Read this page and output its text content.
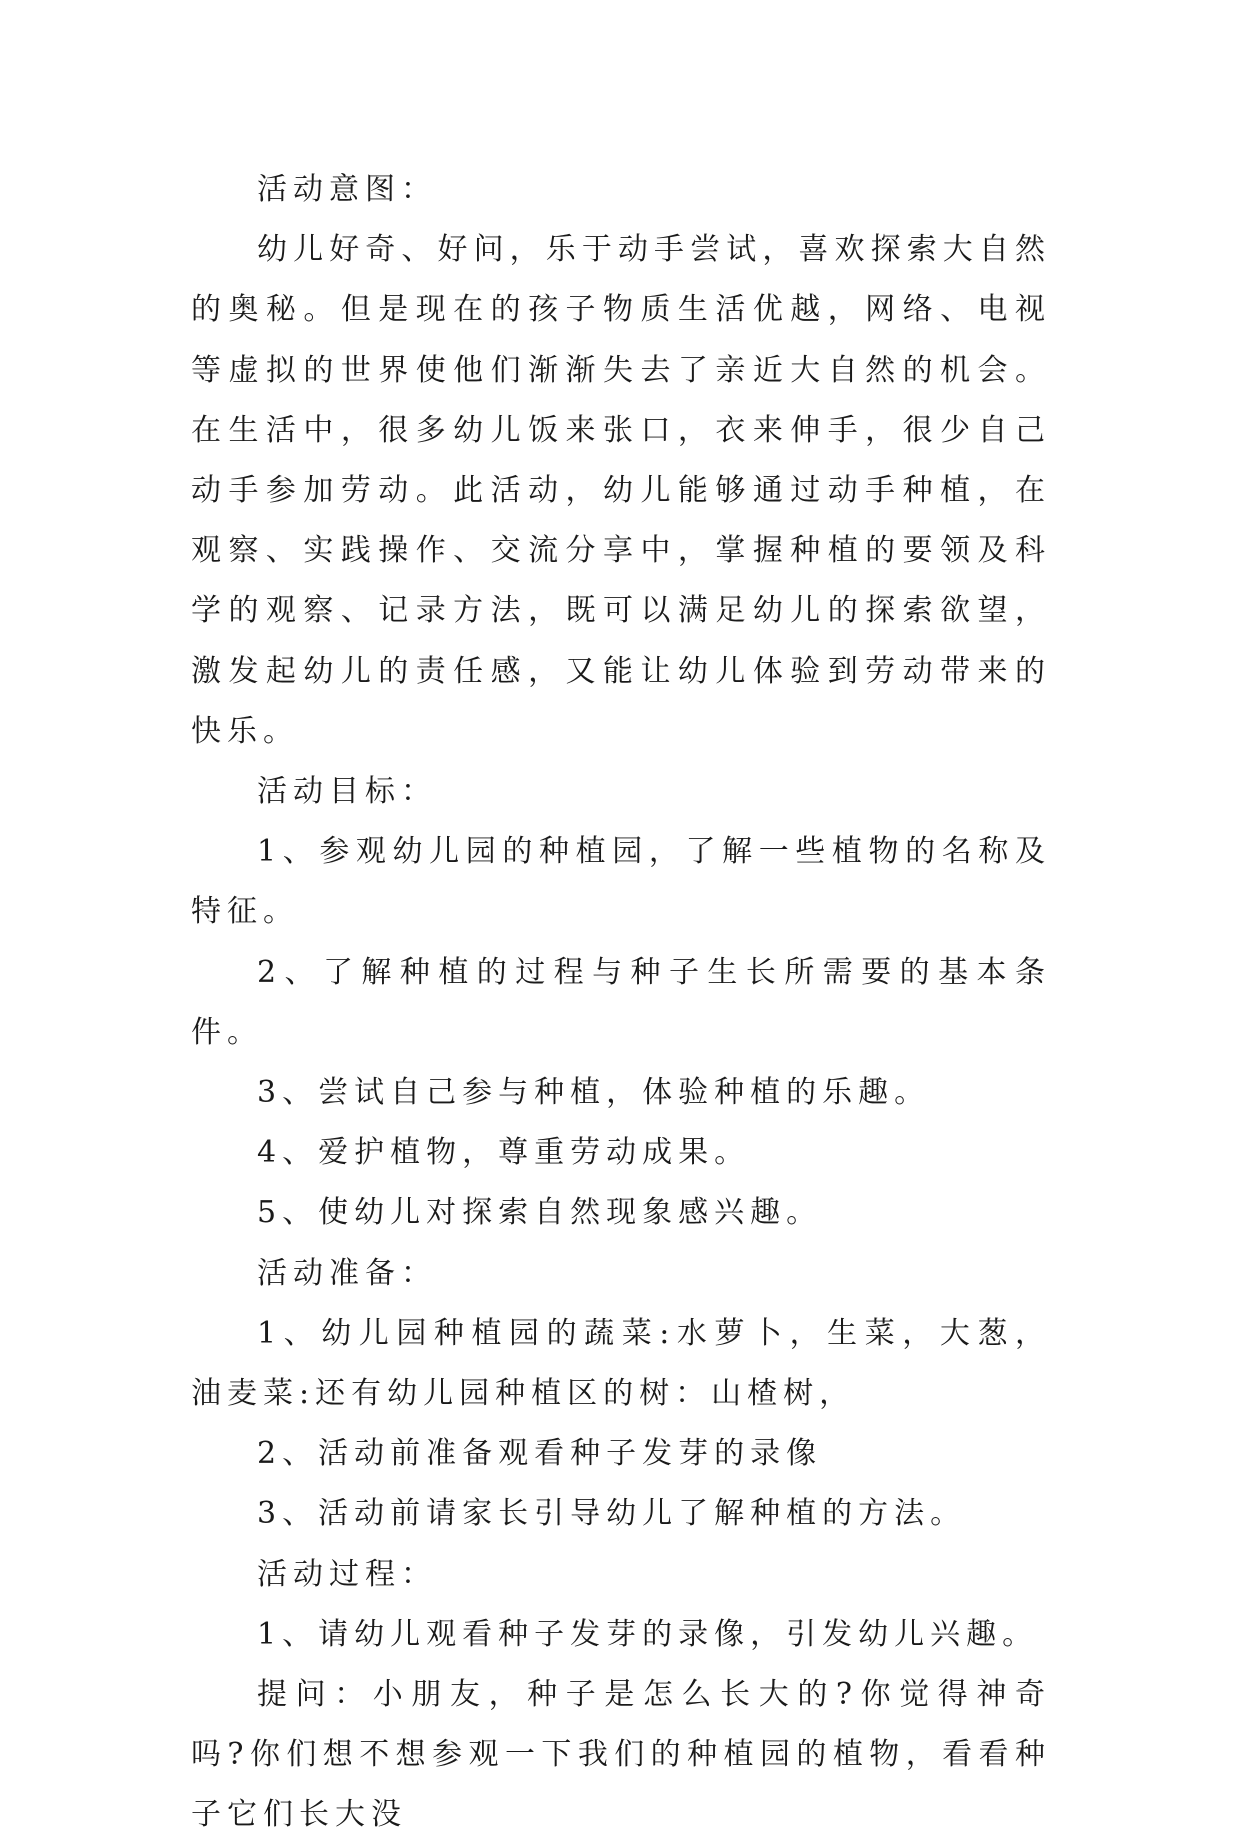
活动意图：

幼儿好奇、好问，乐于动手尝试，喜欢探索大自然的奥秘。但是现在的孩子物质生活优越，网络、电视等虚拟的世界使他们渐渐失去了亲近大自然的机会。在生活中，很多幼儿饭来张口，衣来伸手，很少自己动手参加劳动。此活动，幼儿能够通过动手种植，在观察、实践操作、交流分享中，掌握种植的要领及科学的观察、记录方法，既可以满足幼儿的探索欲望，激发起幼儿的责任感，又能让幼儿体验到劳动带来的快乐。

活动目标：

1、参观幼儿园的种植园，了解一些植物的名称及特征。

2、了解种植的过程与种子生长所需要的基本条件。

3、尝试自己参与种植，体验种植的乐趣。

4、爱护植物，尊重劳动成果。

5、使幼儿对探索自然现象感兴趣。

活动准备：

1、幼儿园种植园的蔬菜:水萝卜，生菜，大葱，油麦菜:还有幼儿园种植区的树：山楂树，

2、活动前准备观看种子发芽的录像

3、活动前请家长引导幼儿了解种植的方法。

活动过程：

1、请幼儿观看种子发芽的录像，引发幼儿兴趣。

提问：小朋友，种子是怎么长大的?你觉得神奇吗?你们想不想参观一下我们的种植园的植物，看看种子它们长大没
